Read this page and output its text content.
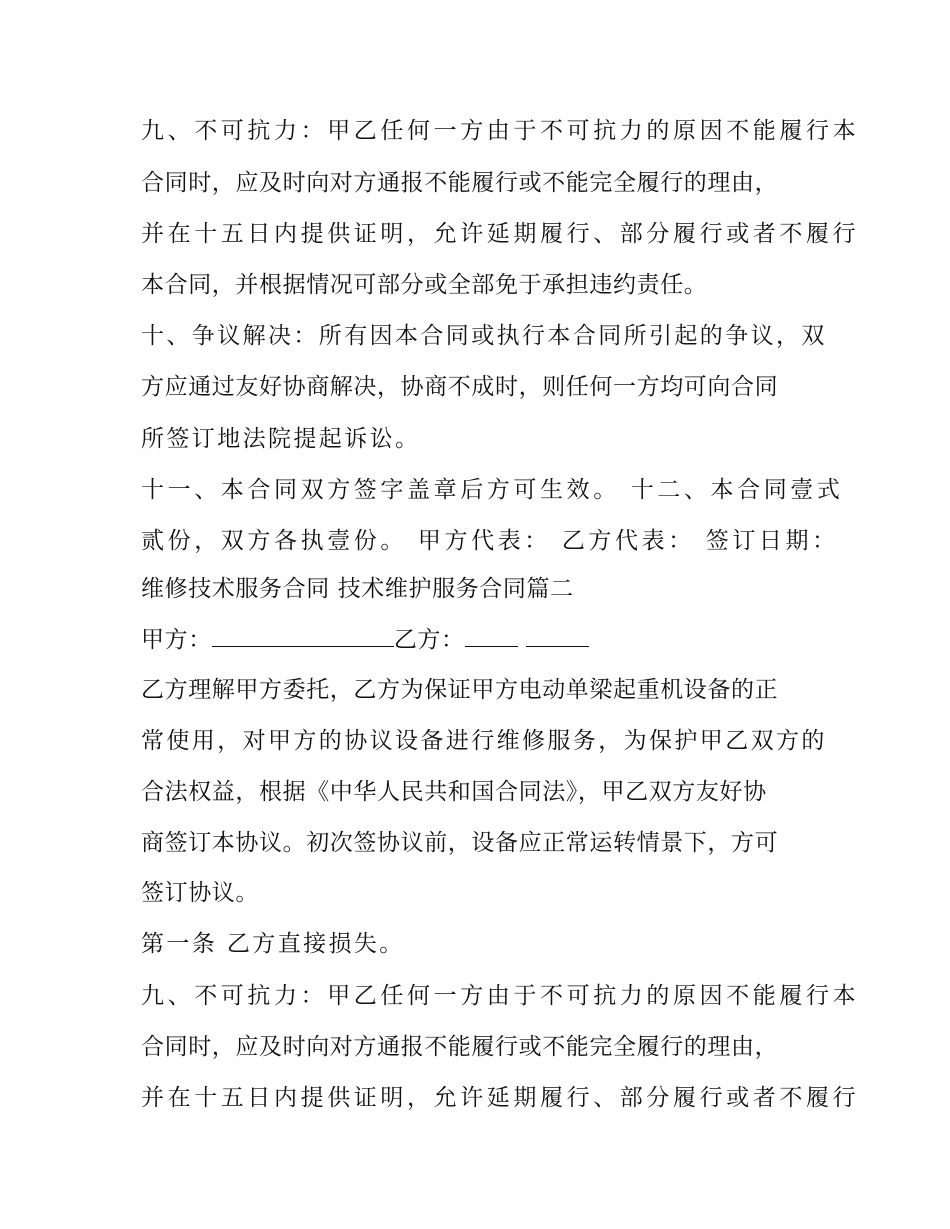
九、不可抗力：甲乙任何一方由于不可抗力的原因不能履行本
合同时，应及时向对方通报不能履行或不能完全履行的理由，
并在十五日内提供证明，允许延期履行、部分履行或者不履行
本合同，并根据情况可部分或全部免于承担违约责任。
十、争议解决：所有因本合同或执行本合同所引起的争议，双
方应通过友好协商解决，协商不成时，则任何一方均可向合同
所签订地法院提起诉讼。
十一、本合同双方签字盖章后方可生效。 十二、本合同壹式
贰份，双方各执壹份。 甲方代表： 乙方代表： 签订日期：
维修技术服务合同 技术维护服务合同篇二
甲方：	乙方：
乙方理解甲方委托，乙方为保证甲方电动单梁起重机设备的正
常使用，对甲方的协议设备进行维修服务，为保护甲乙双方的
合法权益，根据《中华人民共和国合同法》，甲乙双方友好协
商签订本协议。初次签协议前，设备应正常运转情景下，方可
签订协议。
第一条 乙方直接损失。
九、不可抗力：甲乙任何一方由于不可抗力的原因不能履行本
合同时，应及时向对方通报不能履行或不能完全履行的理由，
并在十五日内提供证明，允许延期履行、部分履行或者不履行
